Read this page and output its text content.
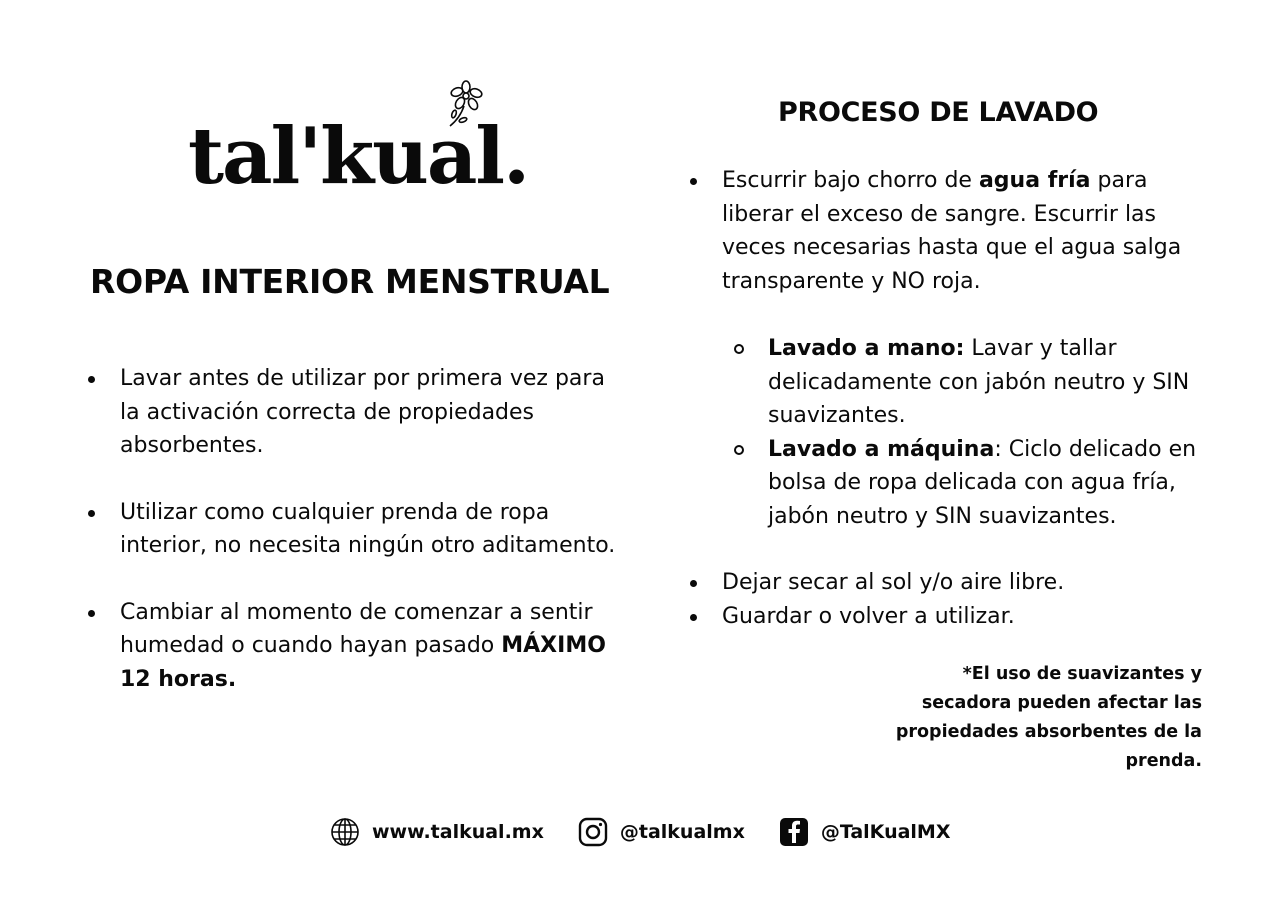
tal'kual.
ROPA INTERIOR MENSTRUAL
Lavar antes de utilizar por primera vez para la activación correcta de propiedades absorbentes.
Utilizar como cualquier prenda de ropa interior, no necesita ningún otro aditamento.
Cambiar al momento de comenzar a sentir humedad o cuando hayan pasado MÁXIMO 12 horas.
PROCESO DE LAVADO
Escurrir bajo chorro de agua fría para liberar el exceso de sangre. Escurrir las veces necesarias hasta que el agua salga transparente y NO roja.
Lavado a mano: Lavar y tallar delicadamente con jabón neutro y SIN suavizantes.
Lavado a máquina: Ciclo delicado en bolsa de ropa delicada con agua fría, jabón neutro y SIN suavizantes.
Dejar secar al sol y/o aire libre.
Guardar o volver a utilizar.
*El uso de suavizantes y secadora pueden afectar las propiedades absorbentes de la prenda.
www.talkual.mx	@talkualmx	@TalKualMX
